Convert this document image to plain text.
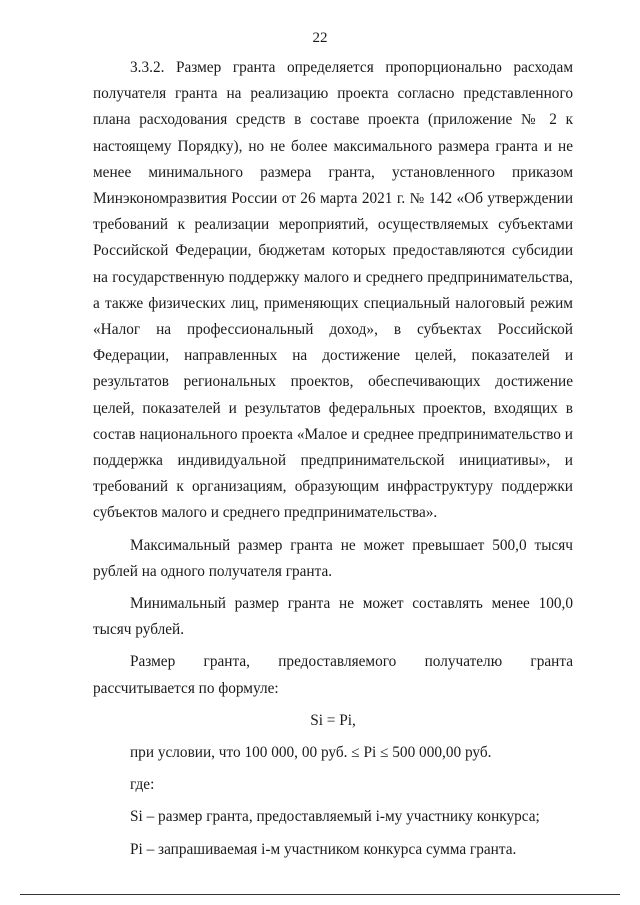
22

3.3.2. Размер гранта определяется пропорционально расходам получателя гранта на реализацию проекта согласно представленного плана расходования средств в составе проекта (приложение № 2 к настоящему Порядку), но не более максимального размера гранта и не менее минимального размера гранта, установленного приказом Минэкономразвития России от 26 марта 2021 г. № 142 «Об утверждении требований к реализации мероприятий, осуществляемых субъектами Российской Федерации, бюджетам которых предоставляются субсидии на государственную поддержку малого и среднего предпринимательства, а также физических лиц, применяющих специальный налоговый режим «Налог на профессиональный доход», в субъектах Российской Федерации, направленных на достижение целей, показателей и результатов региональных проектов, обеспечивающих достижение целей, показателей и результатов федеральных проектов, входящих в состав национального проекта «Малое и среднее предпринимательство и поддержка индивидуальной предпринимательской инициативы», и требований к организациям, образующим инфраструктуру поддержки субъектов малого и среднего предпринимательства».

Максимальный размер гранта не может превышает 500,0 тысяч рублей на одного получателя гранта.

Минимальный размер гранта не может составлять менее 100,0 тысяч рублей.

Размер гранта, предоставляемого получателю гранта рассчитывается по формуле:

Si = Pi,

при условии, что 100 000, 00 руб. ≤ Pi ≤ 500 000,00 руб.

где:

Si – размер гранта, предоставляемый i-му участнику конкурса;

Pi – запрашиваемая i-м участником конкурса сумма гранта.
